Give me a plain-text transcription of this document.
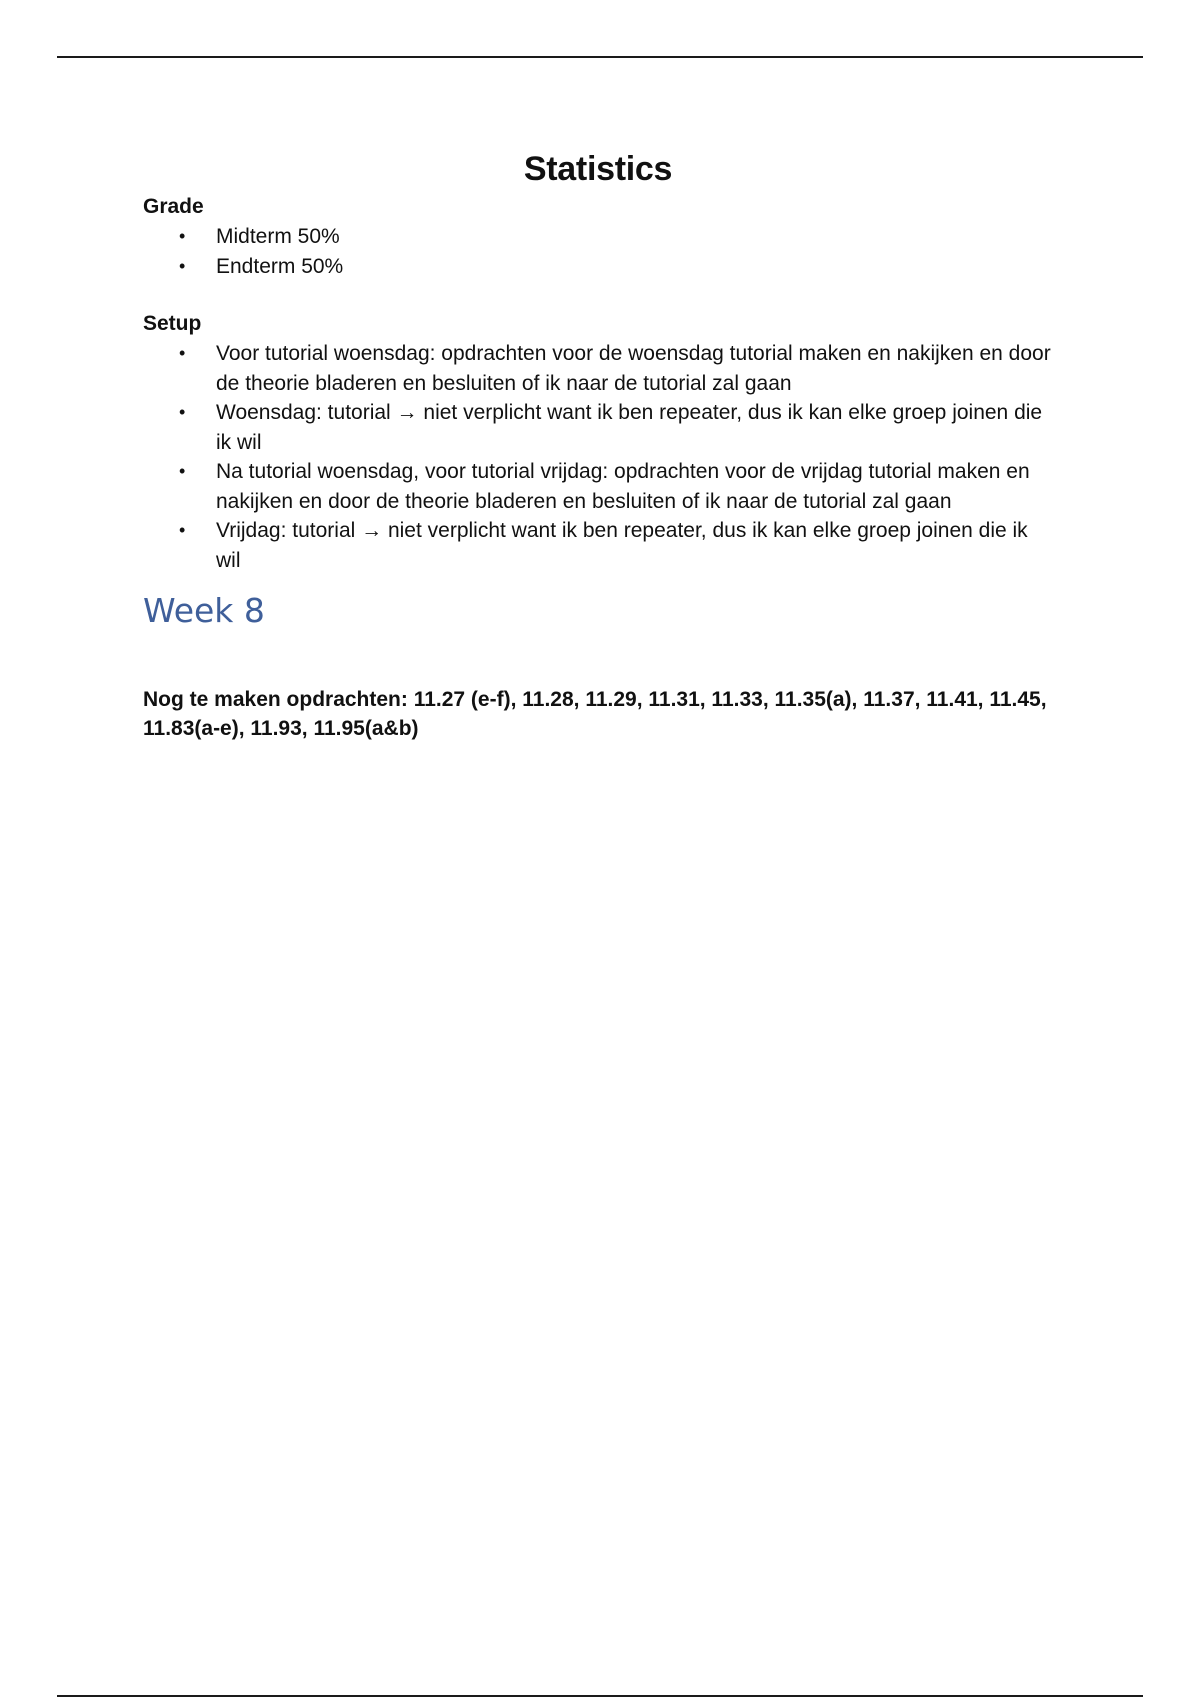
Statistics

Grade

• Midterm 50%
• Endterm 50%

Setup

• Voor tutorial woensdag: opdrachten voor de woensdag tutorial maken en nakijken en door de theorie bladeren en besluiten of ik naar de tutorial zal gaan
• Woensdag: tutorial → niet verplicht want ik ben repeater, dus ik kan elke groep joinen die ik wil
• Na tutorial woensdag, voor tutorial vrijdag: opdrachten voor de vrijdag tutorial maken en nakijken en door de theorie bladeren en besluiten of ik naar de tutorial zal gaan
• Vrijdag: tutorial → niet verplicht want ik ben repeater, dus ik kan elke groep joinen die ik wil
Week 8

Nog te maken opdrachten: 11.27 (e-f), 11.28, 11.29, 11.31, 11.33, 11.35(a), 11.37, 11.41, 11.45, 11.83(a-e), 11.93, 11.95(a&b)
